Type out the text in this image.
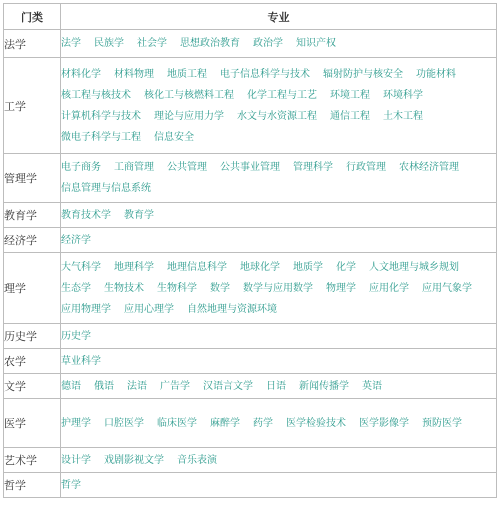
门类	专业
法学	法学 民族学 社会学 思想政治教育 政治学 知识产权
工学	材料化学 材料物理 地质工程 电子信息科学与技术 辐射防护与核安全 功能材料核工程与核技术 核化工与核燃料工程 化学工程与工艺 环境工程 环境科学计算机科学与技术 理论与应用力学 水文与水资源工程 通信工程 土木工程微电子科学与工程 信息安全
管理学	电子商务 工商管理 公共管理 公共事业管理 管理科学 行政管理 农林经济管理信息管理与信息系统
教育学	教育技术学 教育学
经济学	经济学
理学	大气科学 地理科学 地理信息科学 地球化学 地质学 化学 人文地理与城乡规划生态学 生物技术 生物科学 数学 数学与应用数学 物理学 应用化学 应用气象学应用物理学 应用心理学 自然地理与资源环境
历史学	历史学
农学	草业科学
文学	德语 俄语 法语 广告学 汉语言文学 日语 新闻传播学 英语
医学	护理学 口腔医学 临床医学 麻醉学 药学 医学检验技术 医学影像学 预防医学
艺术学	设计学 戏剧影视文学 音乐表演
哲学	哲学
